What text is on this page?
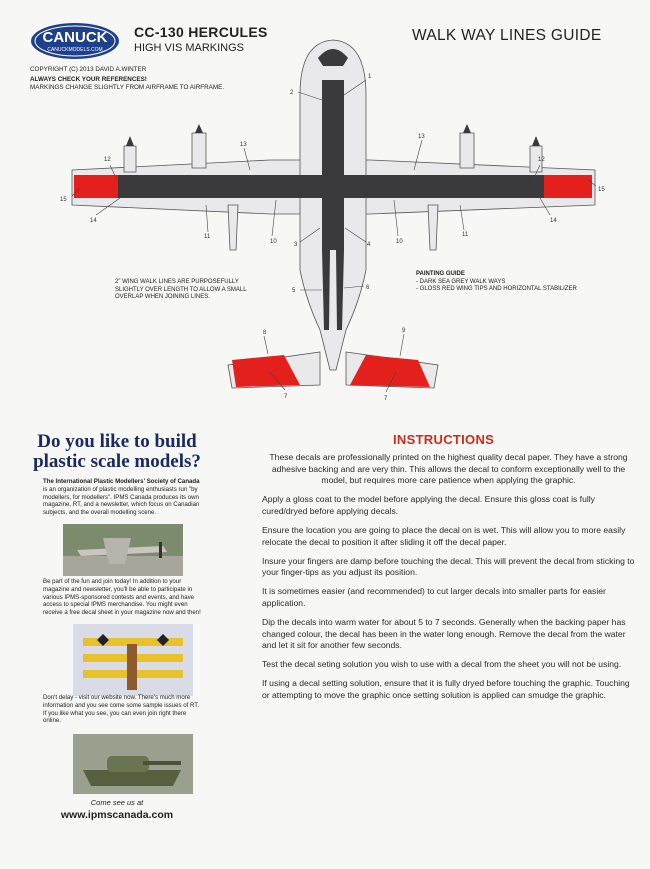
CANUCK
CANUCKMODELS.COM
CC-130 HERCULES
HIGH VIS MARKINGS
COPYRIGHT (C) 2013 DAVID A.WINTER
ALWAYS CHECK YOUR REFERENCES!
MARKINGS CHANGE SLIGHTLY FROM AIRFRAME TO AIRFRAME.
WALK WAY LINES GUIDE
1
2
3	4
5	6
7	7
8	9
10	10
11	11
12	12
13
13
14	14
15
15
2" WING WALK LINES ARE PURPOSEFULLY SLIGHTLY OVER LENGTH TO ALLOW A SMALL OVERLAP WHEN JOINING LINES.
PAINTING GUIDE
- DARK SEA GREY WALK WAYS
- GLOSS RED WING TIPS AND HORIZONTAL STABILIZER
Do you like to build plastic scale models?
The International Plastic Modellers' Society of Canada is an organization of plastic modelling enthusiasts run "by modellers, for modellers". IPMS Canada produces its own magazine, RT, and a newsletter, which focus on Canadian subjects, and the overall modelling scene.
Be part of the fun and join today! In addition to your magazine and newsletter, you'll be able to participate in various IPMS-sponsored contests and events, and have access to special IPMS merchandise. You might even receive a free decal sheet in your magazine now and then!
Don't delay - visit our website now. There's much more information and you see come some sample issues of RT. If you like what you see, you can even join right there online.
Come see us at
www.ipmscanada.com
INSTRUCTIONS

These decals are professionally printed on the highest quality decal paper. They have a strong adhesive backing and are very thin. This allows the decal to conform exceptionally well to the model, but requires more care patience when applying the graphic.

Apply a gloss coat to the model before applying the decal. Ensure this gloss coat is fully cured/dryed before applying decals.

Ensure the location you are going to place the decal on is wet. This will allow you to more easily relocate the decal to position it after sliding it off the decal paper.

Insure your fingers are damp before touching the decal. This will prevent the decal from sticking to your finger-tips as you adjust its position.

It is sometimes easier (and recommended) to cut larger decals into smaller parts for easier application.

Dip the decals into warm water for about 5 to 7 seconds. Generally when the backing paper has changed colour, the decal has been in the water long enough. Remove the decal from the water and let it sit for another few seconds.

Test the decal seting solution you wish to use with a decal from the sheet you will not be using.

If using a decal setting solution, ensure that it is fully dryed before touching the graphic. Touching or attempting to move the graphic once setting solution is applied can smudge the graphic.
